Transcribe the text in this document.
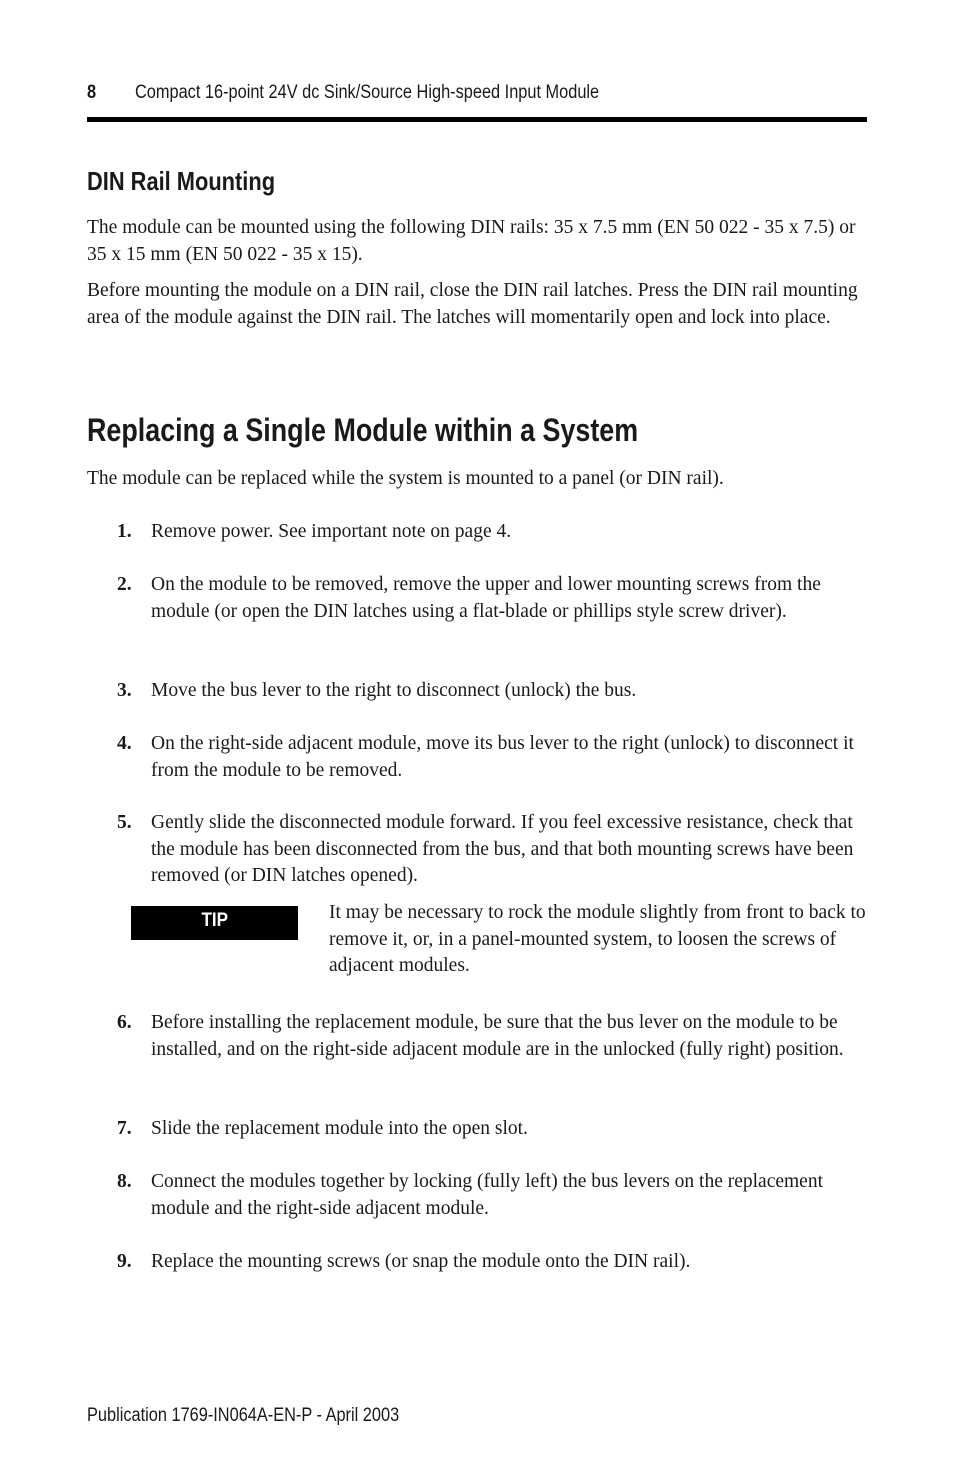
8 Compact 16-point 24V dc Sink/Source High-speed Input Module
DIN Rail Mounting

The module can be mounted using the following DIN rails: 35 x 7.5 mm (EN 50 022 - 35 x 7.5) or 35 x 15 mm (EN 50 022 - 35 x 15).

Before mounting the module on a DIN rail, close the DIN rail latches. Press the DIN rail mounting area of the module against the DIN rail. The latches will momentarily open and lock into place.

Replacing a Single Module within a System

The module can be replaced while the system is mounted to a panel (or DIN rail).

1. Remove power. See important note on page 4.
2. On the module to be removed, remove the upper and lower mounting screws from the module (or open the DIN latches using a flat-blade or phillips style screw driver).
3. Move the bus lever to the right to disconnect (unlock) the bus.
4. On the right-side adjacent module, move its bus lever to the right (unlock) to disconnect it from the module to be removed.
5. Gently slide the disconnected module forward. If you feel excessive resistance, check that the module has been disconnected from the bus, and that both mounting screws have been removed (or DIN latches opened).
TIP	It may be necessary to rock the module slightly from front to back to remove it, or, in a panel-mounted system, to loosen the screws of adjacent modules.
6. Before installing the replacement module, be sure that the bus lever on the module to be installed, and on the right-side adjacent module are in the unlocked (fully right) position.
7. Slide the replacement module into the open slot.
8. Connect the modules together by locking (fully left) the bus levers on the replacement module and the right-side adjacent module.
9. Replace the mounting screws (or snap the module onto the DIN rail).
Publication 1769-IN064A-EN-P - April 2003
